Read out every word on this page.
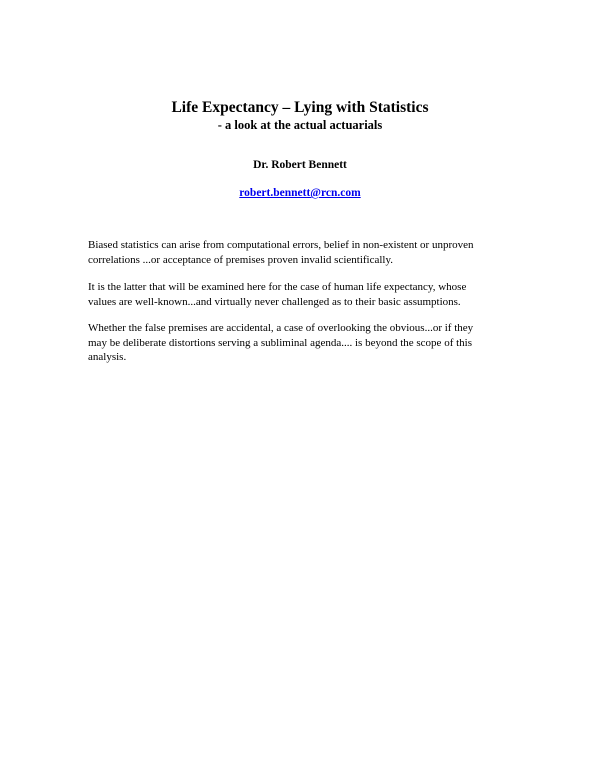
Life Expectancy – Lying with Statistics
- a look at the actual actuarials
Dr. Robert Bennett
robert.bennett@rcn.com
Biased statistics can arise from computational errors, belief in non-existent or unproven
correlations ...or acceptance of premises proven invalid scientifically.
It is the latter that will be examined here for the case of human life expectancy, whose
values are well-known...and virtually never challenged as to their basic assumptions.
Whether the false premises are accidental, a case of overlooking the obvious...or if they
may be deliberate distortions serving a subliminal agenda.... is beyond the scope of this
analysis.
